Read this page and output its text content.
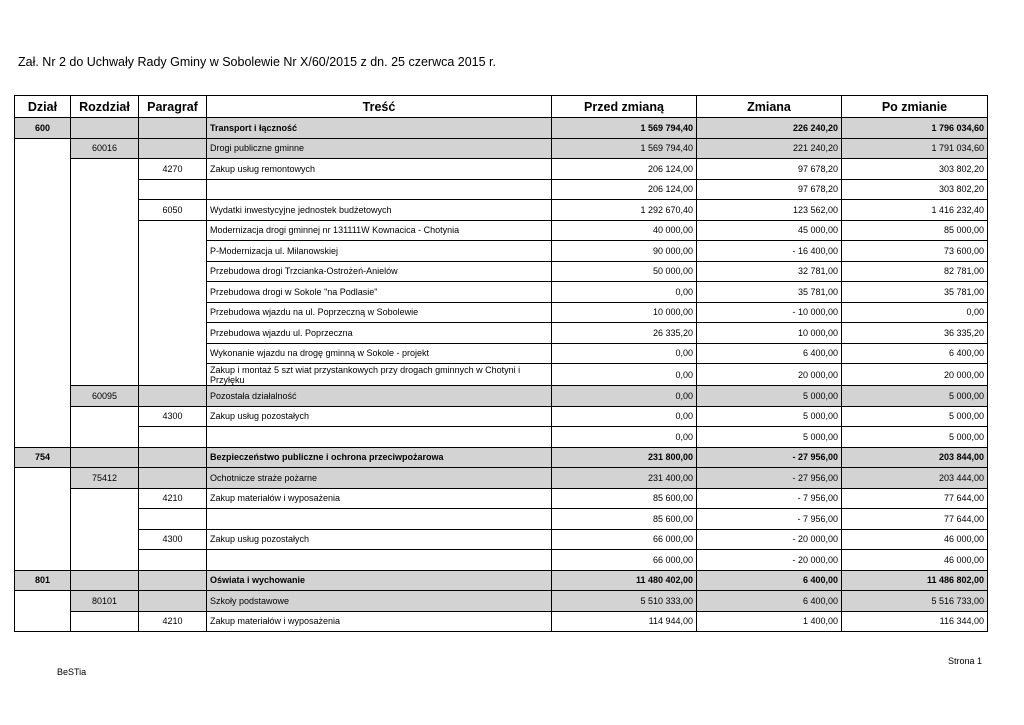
Zał. Nr 2 do Uchwały Rady Gminy w Sobolewie Nr X/60/2015 z dn. 25 czerwca 2015 r.
Dział	Rozdział	Paragraf	Treść	Przed zmianą	Zmiana	Po zmianie
600			Transport i łączność	1 569 794,40	226 240,20	1 796 034,60
	60016		Drogi publiczne gminne	1 569 794,40	221 240,20	1 791 034,60
		4270	Zakup usług remontowych	206 124,00	97 678,20	303 802,20
				206 124,00	97 678,20	303 802,20
		6050	Wydatki inwestycyjne jednostek budżetowych	1 292 670,40	123 562,00	1 416 232,40
			Modernizacja drogi gminnej nr 131111W Kownacica - Chotynia	40 000,00	45 000,00	85 000,00
			P-Modernizacja ul. Milanowskiej	90 000,00	- 16 400,00	73 600,00
			Przebudowa drogi Trzcianka-Ostrożeń-Anielów	50 000,00	32 781,00	82 781,00
			Przebudowa drogi w Sokole "na Podlasie"	0,00	35 781,00	35 781,00
			Przebudowa wjazdu na ul. Poprzeczną w Sobolewie	10 000,00	- 10 000,00	0,00
			Przebudowa wjazdu ul. Poprzeczna	26 335,20	10 000,00	36 335,20
			Wykonanie wjazdu na drogę gminną w Sokole - projekt	0,00	6 400,00	6 400,00
			Zakup i montaż 5 szt wiat przystankowych przy drogach gminnych w Chotyni i Przyłęku	0,00	20 000,00	20 000,00
	60095		Pozostała działalność	0,00	5 000,00	5 000,00
		4300	Zakup usług pozostałych	0,00	5 000,00	5 000,00
				0,00	5 000,00	5 000,00
754			Bezpieczeństwo publiczne i ochrona przeciwpożarowa	231 800,00	- 27 956,00	203 844,00
	75412		Ochotnicze straże pożarne	231 400,00	- 27 956,00	203 444,00
		4210	Zakup materiałów i wyposażenia	85 600,00	- 7 956,00	77 644,00
				85 600,00	- 7 956,00	77 644,00
		4300	Zakup usług pozostałych	66 000,00	- 20 000,00	46 000,00
				66 000,00	- 20 000,00	46 000,00
801			Oświata i wychowanie	11 480 402,00	6 400,00	11 486 802,00
	80101		Szkoły podstawowe	5 510 333,00	6 400,00	5 516 733,00
		4210	Zakup materiałów i wyposażenia	114 944,00	1 400,00	116 344,00
Strona 1
BeSTia
